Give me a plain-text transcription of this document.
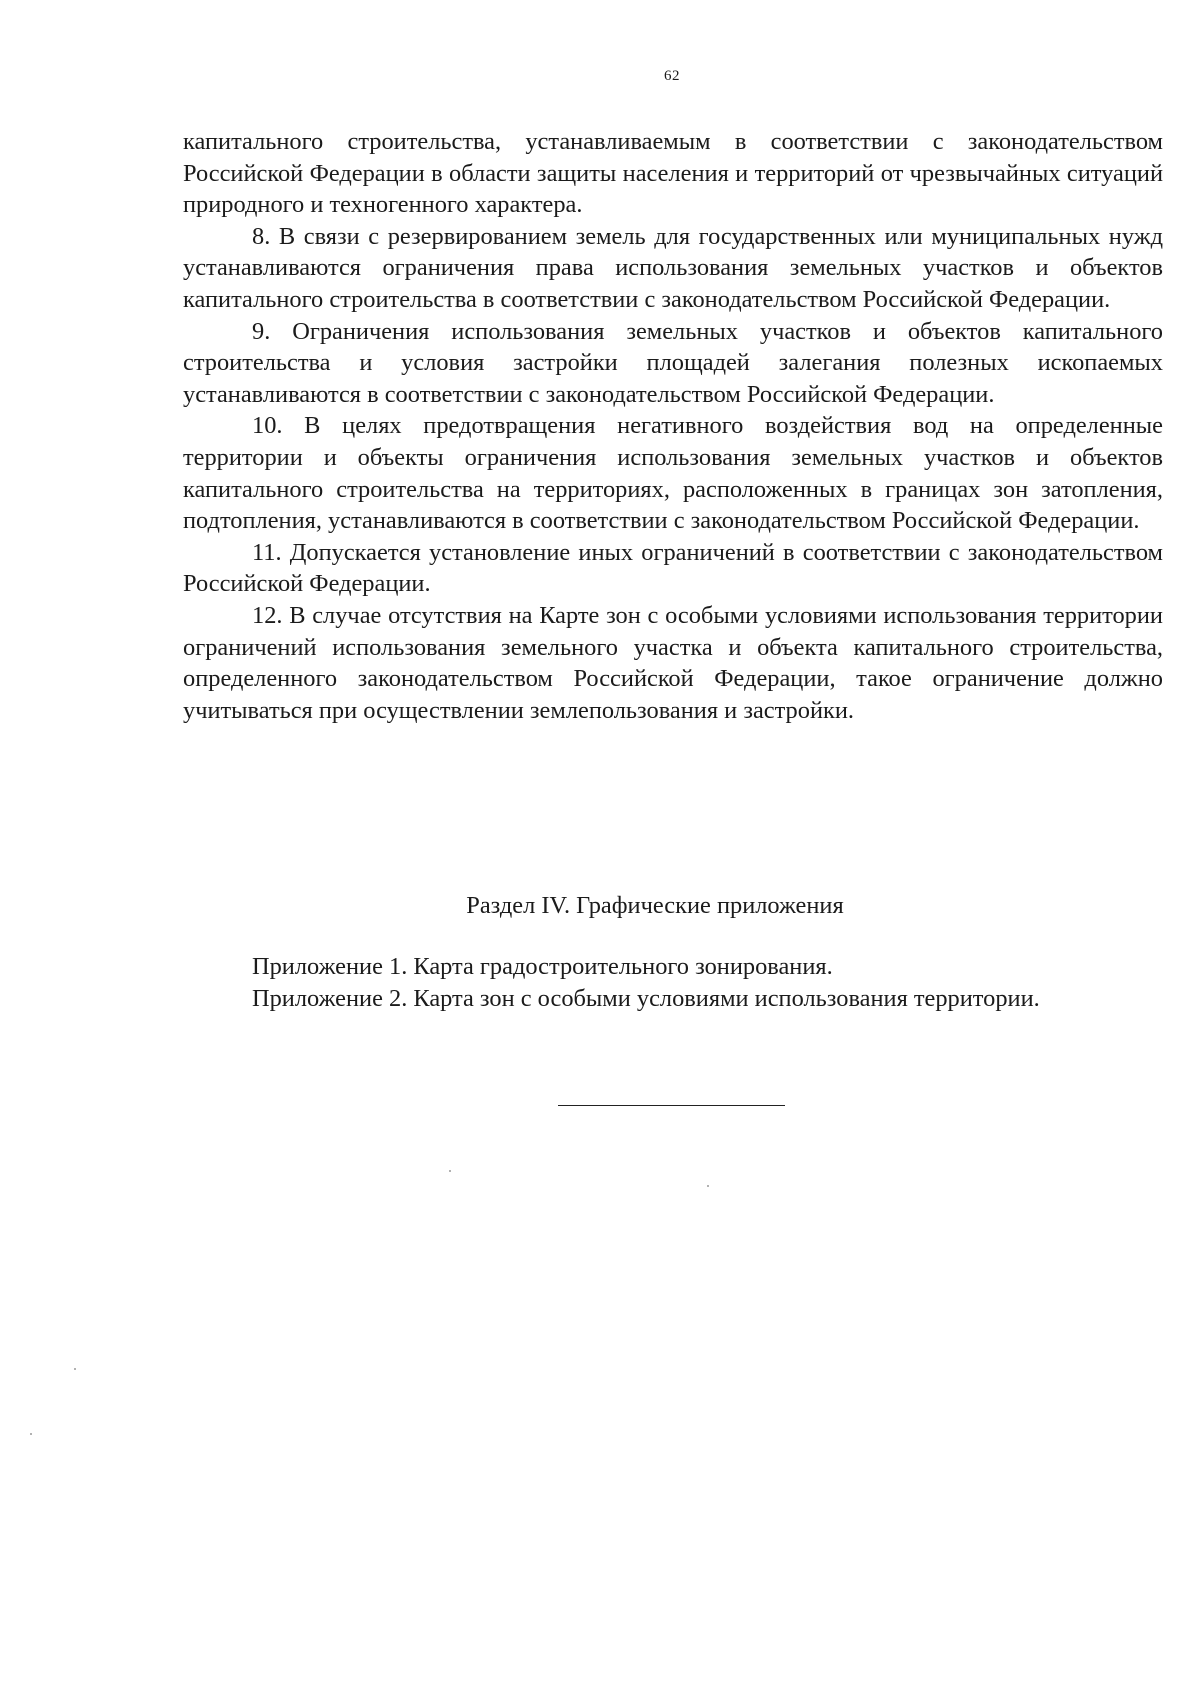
62

капитального строительства, устанавливаемым в соответствии с законодательством Российской Федерации в области защиты населения и территорий от чрезвычайных ситуаций природного и техногенного характера.

8. В связи с резервированием земель для государственных или муниципальных нужд устанавливаются ограничения права использования земельных участков и объектов капитального строительства в соответствии с законодательством Российской Федерации.

9. Ограничения использования земельных участков и объектов капитального строительства и условия застройки площадей залегания полезных ископаемых устанавливаются в соответствии с законодательством Российской Федерации.

10. В целях предотвращения негативного воздействия вод на определенные территории и объекты ограничения использования земельных участков и объектов капитального строительства на территориях, расположенных в границах зон затопления, подтопления, устанавливаются в соответствии с законодательством Российской Федерации.

11. Допускается установление иных ограничений в соответствии с законодательством Российской Федерации.

12. В случае отсутствия на Карте зон с особыми условиями использования территории ограничений использования земельного участка и объекта капитального строительства, определенного законодательством Российской Федерации, такое ограничение должно учитываться при осуществлении землепользования и застройки.

Раздел IV. Графические приложения
Приложение 1. Карта градостроительного зонирования.
Приложение 2. Карта зон с особыми условиями использования территории.
